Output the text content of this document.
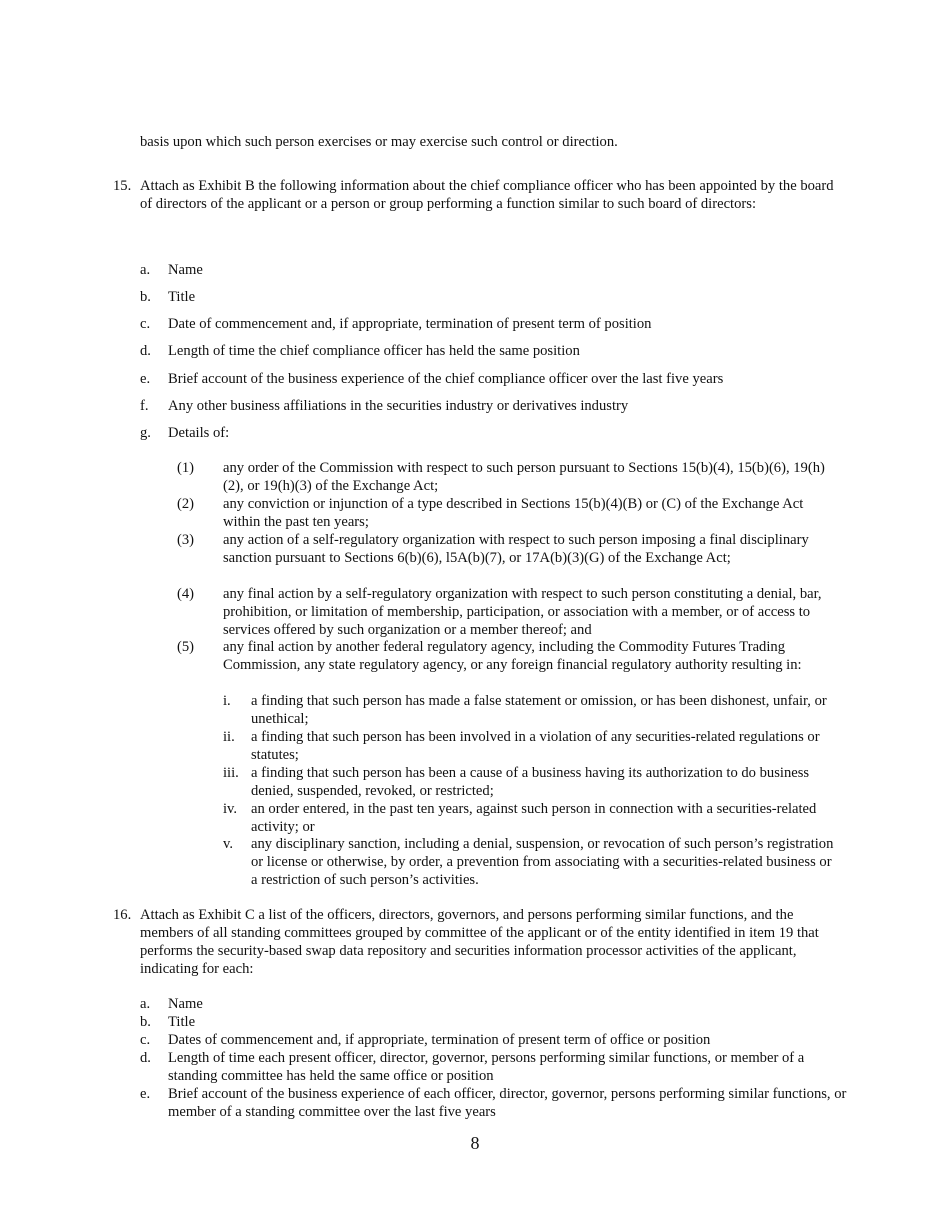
basis upon which such person exercises or may exercise such control or direction.
15. Attach as Exhibit B the following information about the chief compliance officer who has been appointed by the board of directors of the applicant or a person or group performing a function similar to such board of directors:
a.	Name
b.	Title
c.	Date of commencement and, if appropriate, termination of present term of position
d.	Length of time the chief compliance officer has held the same position
e.	Brief account of the business experience of the chief compliance officer over the last five years
f.	Any other business affiliations in the securities industry or derivatives industry
g.	Details of:
(1)	any order of the Commission with respect to such person pursuant to Sections 15(b)(4), 15(b)(6), 19(h)(2), or 19(h)(3) of the Exchange Act;
(2)	any conviction or injunction of a type described in Sections 15(b)(4)(B) or (C) of the Exchange Act within the past ten years;
(3)	any action of a self-regulatory organization with respect to such person imposing a final disciplinary sanction pursuant to Sections 6(b)(6), l5A(b)(7), or 17A(b)(3)(G) of the Exchange Act;
(4)	any final action by a self-regulatory organization with respect to such person constituting a denial, bar, prohibition, or limitation of membership, participation, or association with a member, or of access to services offered by such organization or a member thereof; and
(5)	any final action by another federal regulatory agency, including the Commodity Futures Trading Commission, any state regulatory agency, or any foreign financial regulatory authority resulting in:
i.	a finding that such person has made a false statement or omission, or has been dishonest, unfair, or unethical;
ii.	a finding that such person has been involved in a violation of any securities-related regulations or statutes;
iii. a finding that such person has been a cause of a business having its authorization to do business denied, suspended, revoked, or restricted;
iv. an order entered, in the past ten years, against such person in connection with a securities-related activity; or
v.	any disciplinary sanction, including a denial, suspension, or revocation of such person’s registration or license or otherwise, by order, a prevention from associating with a securities-related business or a restriction of such person’s activities.
16. Attach as Exhibit C a list of the officers, directors, governors, and persons performing similar functions, and the members of all standing committees grouped by committee of the applicant or of the entity identified in item 19 that performs the security-based swap data repository and securities information processor activities of the applicant, indicating for each:
a.	Name
b.	Title
c.	Dates of commencement and, if appropriate, termination of present term of office or position
d.	Length of time each present officer, director, governor, persons performing similar functions, or member of a standing committee has held the same office or position
e.	Brief account of the business experience of each officer, director, governor, persons performing similar functions, or member of a standing committee over the last five years
8
